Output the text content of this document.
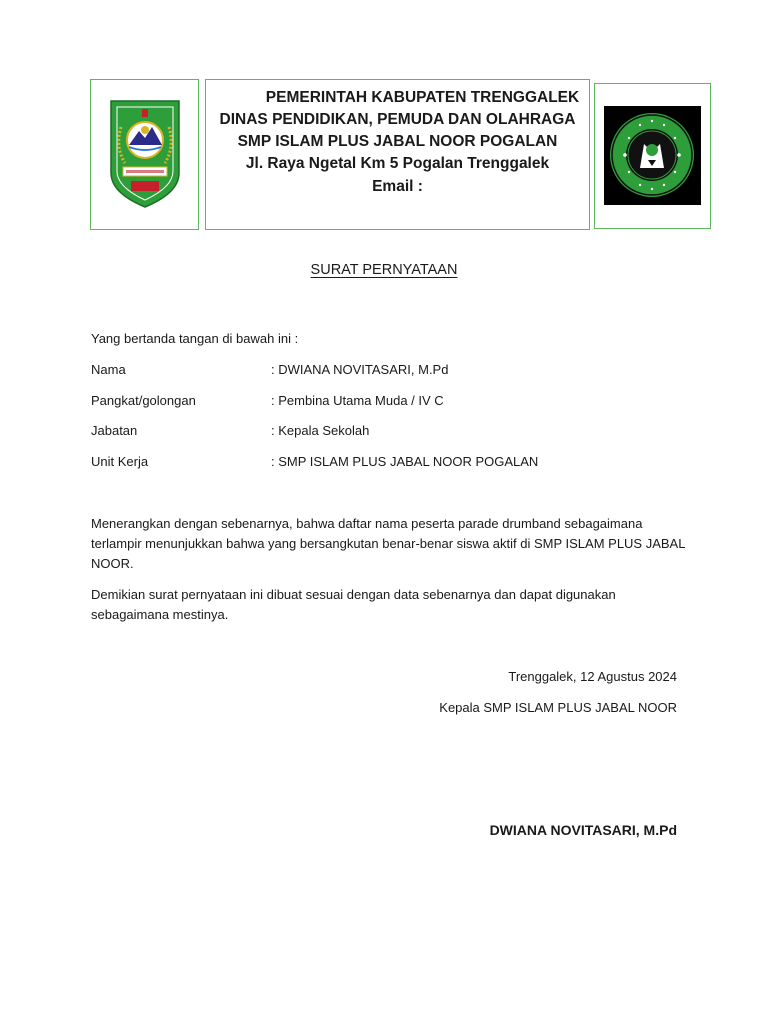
PEMERINTAH KABUPATEN TRENGGALEK
DINAS PENDIDIKAN, PEMUDA DAN OLAHRAGA
SMP ISLAM PLUS JABAL NOOR POGALAN
Jl. Raya Ngetal Km 5 Pogalan Trenggalek
Email :
SURAT PERNYATAAN
Yang bertanda tangan di bawah ini :
Nama	: DWIANA NOVITASARI, M.Pd
Pangkat/golongan	: Pembina Utama Muda / IV C
Jabatan	: Kepala Sekolah
Unit Kerja	: SMP ISLAM PLUS JABAL NOOR POGALAN
Menerangkan dengan sebenarnya, bahwa daftar nama peserta parade drumband sebagaimana terlampir menunjukkan bahwa yang bersangkutan benar-benar siswa aktif di SMP ISLAM PLUS JABAL NOOR.
Demikian surat pernyataan ini dibuat sesuai dengan data sebenarnya dan dapat digunakan sebagaimana mestinya.
Trenggalek, 12 Agustus 2024
Kepala SMP ISLAM PLUS JABAL NOOR
DWIANA NOVITASARI, M.Pd
